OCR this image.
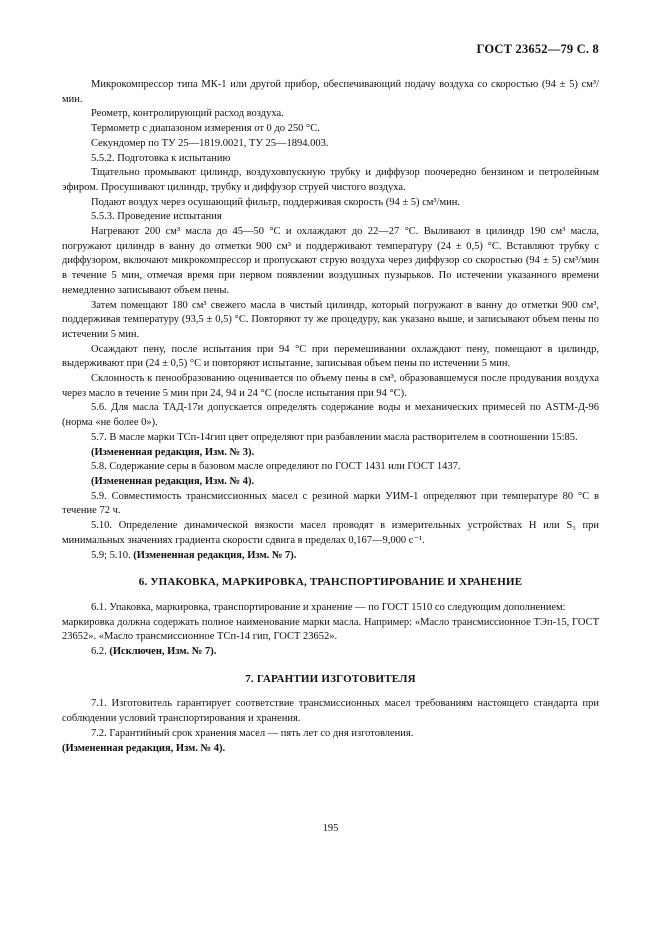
ГОСТ 23652—79 С. 8

Микрокомпрессор типа МК-1 или другой прибор, обеспечивающий подачу воздуха со скоростью (94 ± 5) см³/мин.

Реометр, контролирующий расход воздуха.

Термометр с диапазоном измерения от 0 до 250 °С.

Секундомер по ТУ 25—1819.0021, ТУ 25—1894.003.

5.5.2. Подготовка к испытанию

Тщательно промывают цилиндр, воздуховпускную трубку и диффузор поочередно бензином и петролейным эфиром. Просушивают цилиндр, трубку и диффузор струей чистого воздуха.

Подают воздух через осушающий фильтр, поддерживая скорость (94 ± 5) см³/мин.

5.5.3. Проведение испытания

Нагревают 200 см³ масла до 45—50 °С и охлаждают до 22—27 °С. Выливают в цилиндр 190 см³ масла, погружают цилиндр в ванну до отметки 900 см³ и поддерживают температуру (24 ± 0,5) °С. Вставляют трубку с диффузором, включают микрокомпрессор и пропускают струю воздуха через диффузор со скоростью (94 ± 5) см³/мин в течение 5 мин, отмечая время при первом появлении воздушных пузырьков. По истечении указанного времени немедленно записывают объем пены.

Затем помещают 180 см³ свежего масла в чистый цилиндр, который погружают в ванну до отметки 900 см³, поддерживая температуру (93,5 ± 0,5) °С. Повторяют ту же процедуру, как указано выше, и записывают объем пены по истечении 5 мин.

Осаждают пену, после испытания при 94 °С при перемешивании охлаждают пену, помещают в цилиндр, выдерживают при (24 ± 0,5) °С и повторяют испытание, записывая объем пены по истечении 5 мин.

Склонность к пенообразованию оценивается по объему пены в см³, образовавшемуся после продувания воздуха через масло в течение 5 мин при 24, 94 и 24 °С (после испытания при 94 °С).

5.6. Для масла ТАД-17и допускается определять содержание воды и механических примесей по ASTM-Д-96 (норма «не более 0»).

5.7. В масле марки ТСп-14гип цвет определяют при разбавлении масла растворителем в соотношении 15:85.

(Измененная редакция, Изм. № 3).

5.8. Содержание серы в базовом масле определяют по ГОСТ 1431 или ГОСТ 1437.

(Измененная редакция, Изм. № 4).

5.9. Совместимость трансмиссионных масел с резиной марки УИМ-1 определяют при температуре 80 °С в течение 72 ч.

5.10. Определение динамической вязкости масел проводят в измерительных устройствах Н или S₃ при минимальных значениях градиента скорости сдвига в пределах 0,167—9,000 с⁻¹.

5.9; 5.10. (Измененная редакция, Изм. № 7).

6. УПАКОВКА, МАРКИРОВКА, ТРАНСПОРТИРОВАНИЕ И ХРАНЕНИЕ

6.1. Упаковка, маркировка, транспортирование и хранение — по ГОСТ 1510 со следующим дополнением:

маркировка должна содержать полное наименование марки масла. Например: «Масло трансмиссионное ТЭп-15, ГОСТ 23652». «Масло трансмиссионное ТСп-14 гип, ГОСТ 23652».

6.2. (Исключен, Изм. № 7).

7. ГАРАНТИИ ИЗГОТОВИТЕЛЯ

7.1. Изготовитель гарантирует соответствие трансмиссионных масел требованиям настоящего стандарта при соблюдении условий транспортирования и хранения.

7.2. Гарантийный срок хранения масел — пять лет со дня изготовления.

(Измененная редакция, Изм. № 4).

195
